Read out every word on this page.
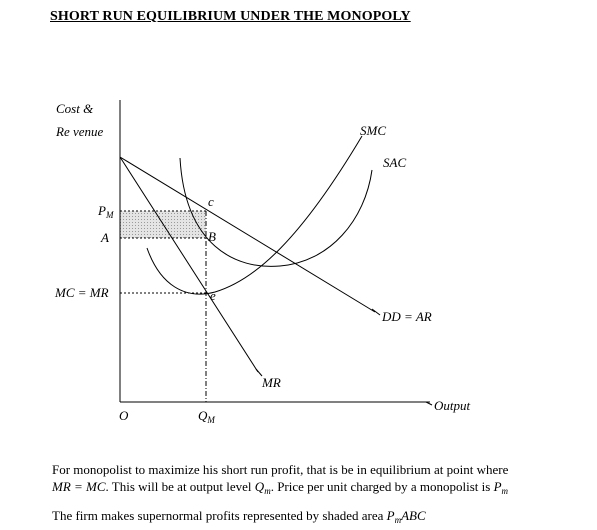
SHORT RUN EQUILIBRIUM UNDER THE MONOPOLY
Cost &
Re venue
$P_M$
A
MC = MR
O	$Q_M$
Output
c
B
e
SMC
SAC
DD = AR
MR
For monopolist to maximize his short run profit, that is be in equilibrium at point where
MR = MC. This will be at output level $Q_m$. Price per unit charged by a monopolist is $P_m$
The firm makes supernormal profits represented by shaded area $P_mABC$
